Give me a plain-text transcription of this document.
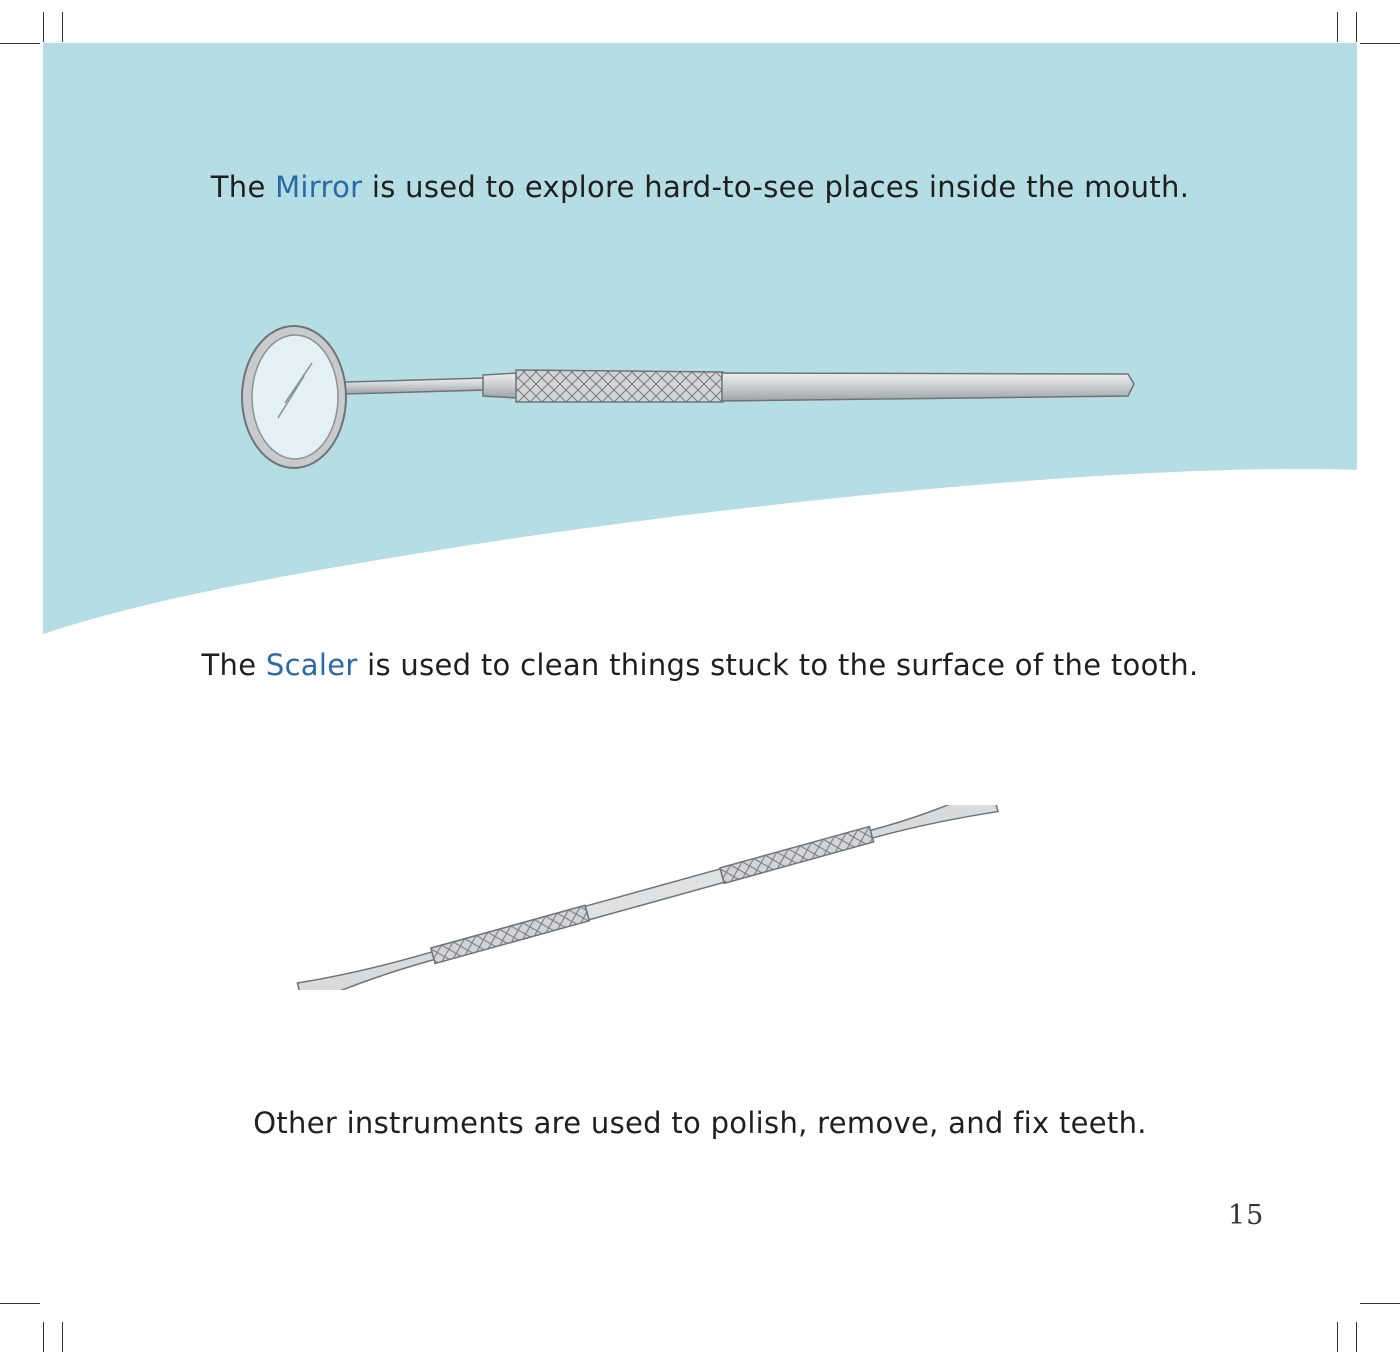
The Mirror is used to explore hard-to-see places inside the mouth.
The Scaler is used to clean things stuck to the surface of the tooth.
Other instruments are used to polish, remove, and fix teeth.
15
